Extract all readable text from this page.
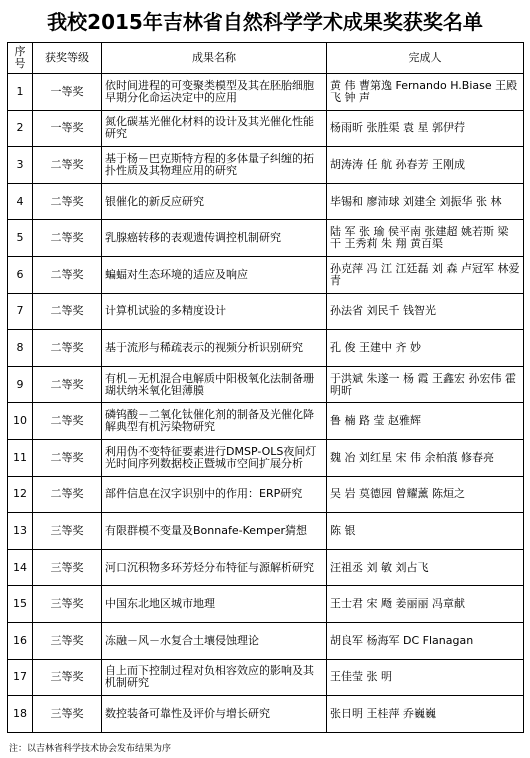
我校2015年吉林省自然科学学术成果奖获奖名单
序
号	获奖等级	成果名称	完成人
1	一等奖	依时间进程的可变聚类模型及其在胚胎细胞早期分化命运决定中的应用	黄 伟 曹第逸 Fernando H.Biase 王殿飞 钟 声
2	一等奖	氮化碳基光催化材料的设计及其光催化性能研究	杨雨昕 张胜渠 袁 星 郭伊荇
3	二等奖	基于杨－巴克斯特方程的多体量子纠缠的拓扑性质及其物理应用的研究	胡涛涛 任 航 孙春芳 王刚成
4	二等奖	银催化的新反应研究	毕锡和 廖沛球 刘建全 刘振华 张 林
5	二等奖	乳腺癌转移的表观遗传调控机制研究	陆 军 张 瑜 侯平南 张建超 姚若斯 梁 干 王秀莉 朱 翔 黄百渠
6	二等奖	蝙蝠对生态环境的适应及响应	孙克萍 冯 江 江廷磊 刘 森 卢冠军 林爱青
7	二等奖	计算机试验的多精度设计	孙法省 刘民千 钱智光
8	二等奖	基于流形与稀疏表示的视频分析识别研究	孔 俊 王建中 齐 妙
9	二等奖	有机－无机混合电解质中阳极氧化法制备珊瑚状纳米氧化钽薄膜	于洪斌 朱遂一 杨 霞 王鑫宏 孙宏伟 霍明昕
10	二等奖	磷钨酸－二氧化钛催化剂的制备及光催化降解典型有机污染物研究	鲁 楠 路 莹 赵雅辉
11	二等奖	利用伪不变特征要素进行DMSP-OLS夜间灯光时间序列数据校正暨城市空间扩展分析	魏 冶 刘红星 宋 伟 余柏蒗 修春亮
12	二等奖	部件信息在汉字识别中的作用：ERP研究	吴 岩 莫德园 曾耀薰 陈烜之
13	三等奖	有限群模不变量及Bonnafe-Kemper猜想	陈 银
14	三等奖	河口沉积物多环芳烃分布特征与源解析研究	汪祖丞 刘 敏 刘占飞
15	三等奖	中国东北地区城市地理	王士君 宋 飏 姜丽丽 冯章献
16	三等奖	冻融－风－水复合土壤侵蚀理论	胡良军 杨海军 DC Flanagan
17	三等奖	自上而下控制过程对负相容效应的影响及其机制研究	王佳莹 张 明
18	三等奖	数控装备可靠性及评价与增长研究	张日明 王桂萍 乔巍巍
注：以吉林省科学技术协会发布结果为序
